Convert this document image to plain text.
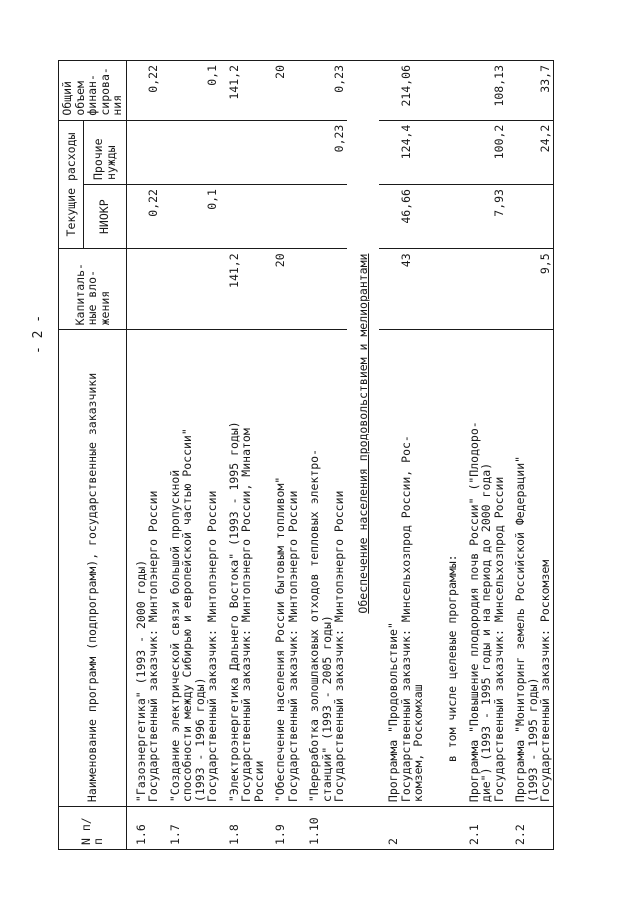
- 2 -
N п/п	Наименование программ (подпрограмм), государственные заказчики	Капиталь-
ные вло-
жения	Текущие расходы		Общий
объем
финан-
сирова-
ния
			НИОКР	Прочие
нужды	
1.6	"Газоэнергетика" (1993 - 2000 годы)
Государственный заказчик: Минтопэнерго России		0,22		0,22

1.7	"Создание электрической связи большой пропускной
способности между Сибирью и европейской частью России"
(1993 - 1996 годы)
Государственный заказчик: Минтопэнерго России		0,1		0,1

1.8	"Электроэнергетика Дальнего Востока" (1993 - 1995 годы)
Государственный заказчик: Минтопэнерго России, Минатом
России	141,2			141,2

1.9	"Обеспечение населения России бытовым топливом"
Государственный заказчик: Минтопэнерго России	20			20

1.10	"Переработка золошлаковых отходов тепловых электро-
станций" (1993 - 2005 годы)
Государственный заказчик: Минтопэнерго России			0,23	0,23

	Обеспечение населения продовольствием и мелиорантами				
2	Программа "Продовольствие"
Государственный заказчик: Минсельхозпрод России, Рос-
комзем, Роскомхаш	43	46,66	124,4	214,06

	в том числе целевые программы:				

2.1	Программа "Повышение плодородия почв России" ("Плодоро-
дие") (1993 - 1995 годы и на период до 2000 года)
Государственный заказчик: Минсельхозпрод России		7,93	100,2	108,13

2.2	Программа "Мониторинг земель Российской Федерации"
(1993 - 1995 годы)
Государственный заказчик: Роскомзем	9,5		24,2	33,7
